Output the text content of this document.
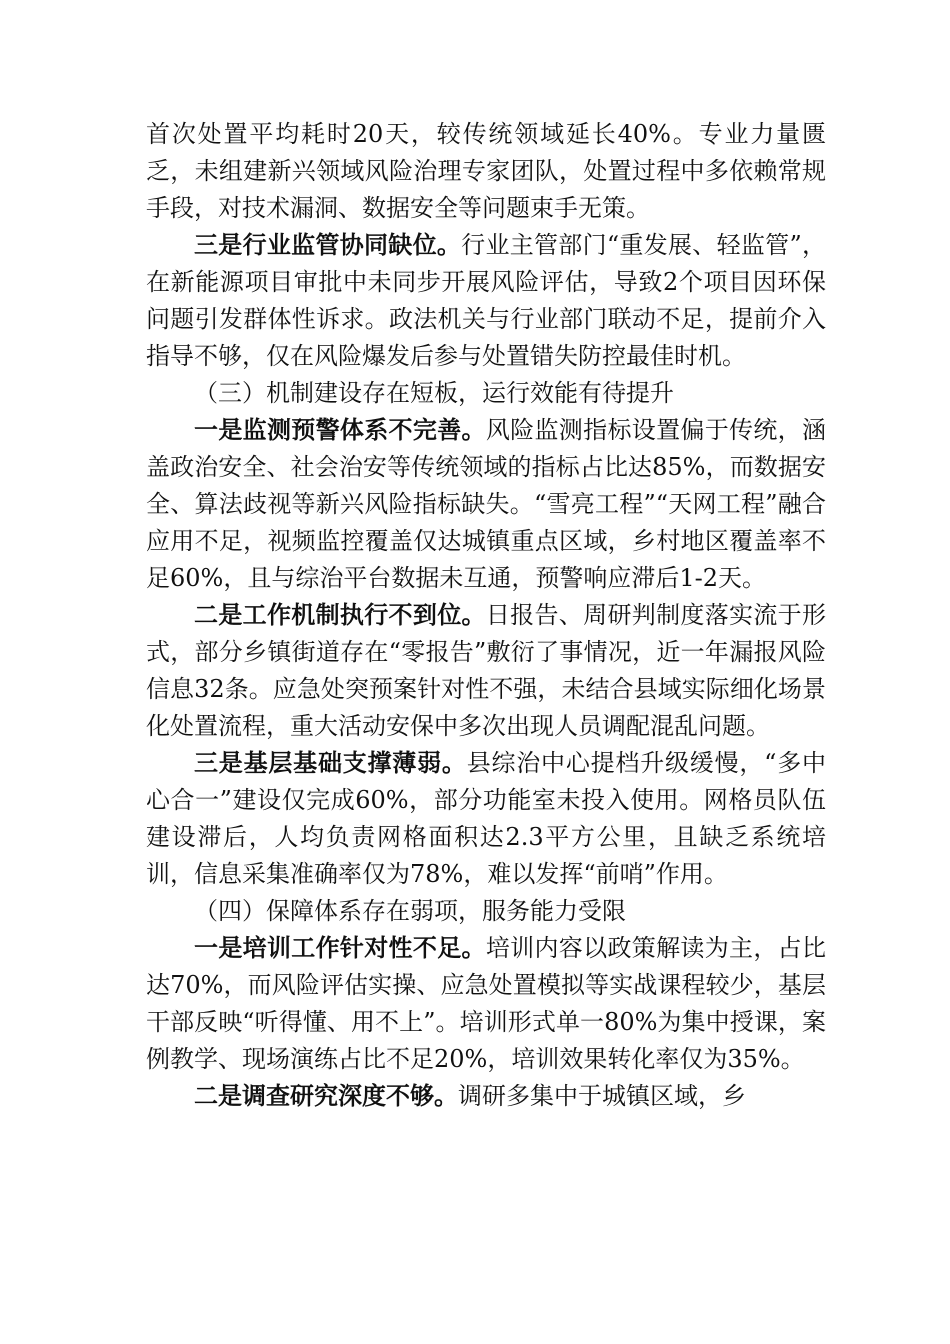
首次处置平均耗时20天，较传统领域延长40%。专业力量匮乏，未组建新兴领域风险治理专家团队，处置过程中多依赖常规手段，对技术漏洞、数据安全等问题束手无策。

三是行业监管协同缺位。行业主管部门“重发展、轻监管”，在新能源项目审批中未同步开展风险评估，导致2个项目因环保问题引发群体性诉求。政法机关与行业部门联动不足，提前介入指导不够，仅在风险爆发后参与处置错失防控最佳时机。

（三）机制建设存在短板，运行效能有待提升

一是监测预警体系不完善。风险监测指标设置偏于传统，涵盖政治安全、社会治安等传统领域的指标占比达85%，而数据安全、算法歧视等新兴风险指标缺失。“雪亮工程”“天网工程”融合应用不足，视频监控覆盖仅达城镇重点区域，乡村地区覆盖率不足60%，且与综治平台数据未互通，预警响应滞后1-2天。

二是工作机制执行不到位。日报告、周研判制度落实流于形式，部分乡镇街道存在“零报告”敷衍了事情况，近一年漏报风险信息32条。应急处突预案针对性不强，未结合县域实际细化场景化处置流程，重大活动安保中多次出现人员调配混乱问题。

三是基层基础支撑薄弱。县综治中心提档升级缓慢，“多中心合一”建设仅完成60%，部分功能室未投入使用。网格员队伍建设滞后，人均负责网格面积达2.3平方公里，且缺乏系统培训，信息采集准确率仅为78%，难以发挥“前哨”作用。

（四）保障体系存在弱项，服务能力受限

一是培训工作针对性不足。培训内容以政策解读为主，占比达70%，而风险评估实操、应急处置模拟等实战课程较少，基层干部反映“听得懂、用不上”。培训形式单一80%为集中授课，案例教学、现场演练占比不足20%，培训效果转化率仅为35%。

二是调查研究深度不够。调研多集中于城镇区域，乡
